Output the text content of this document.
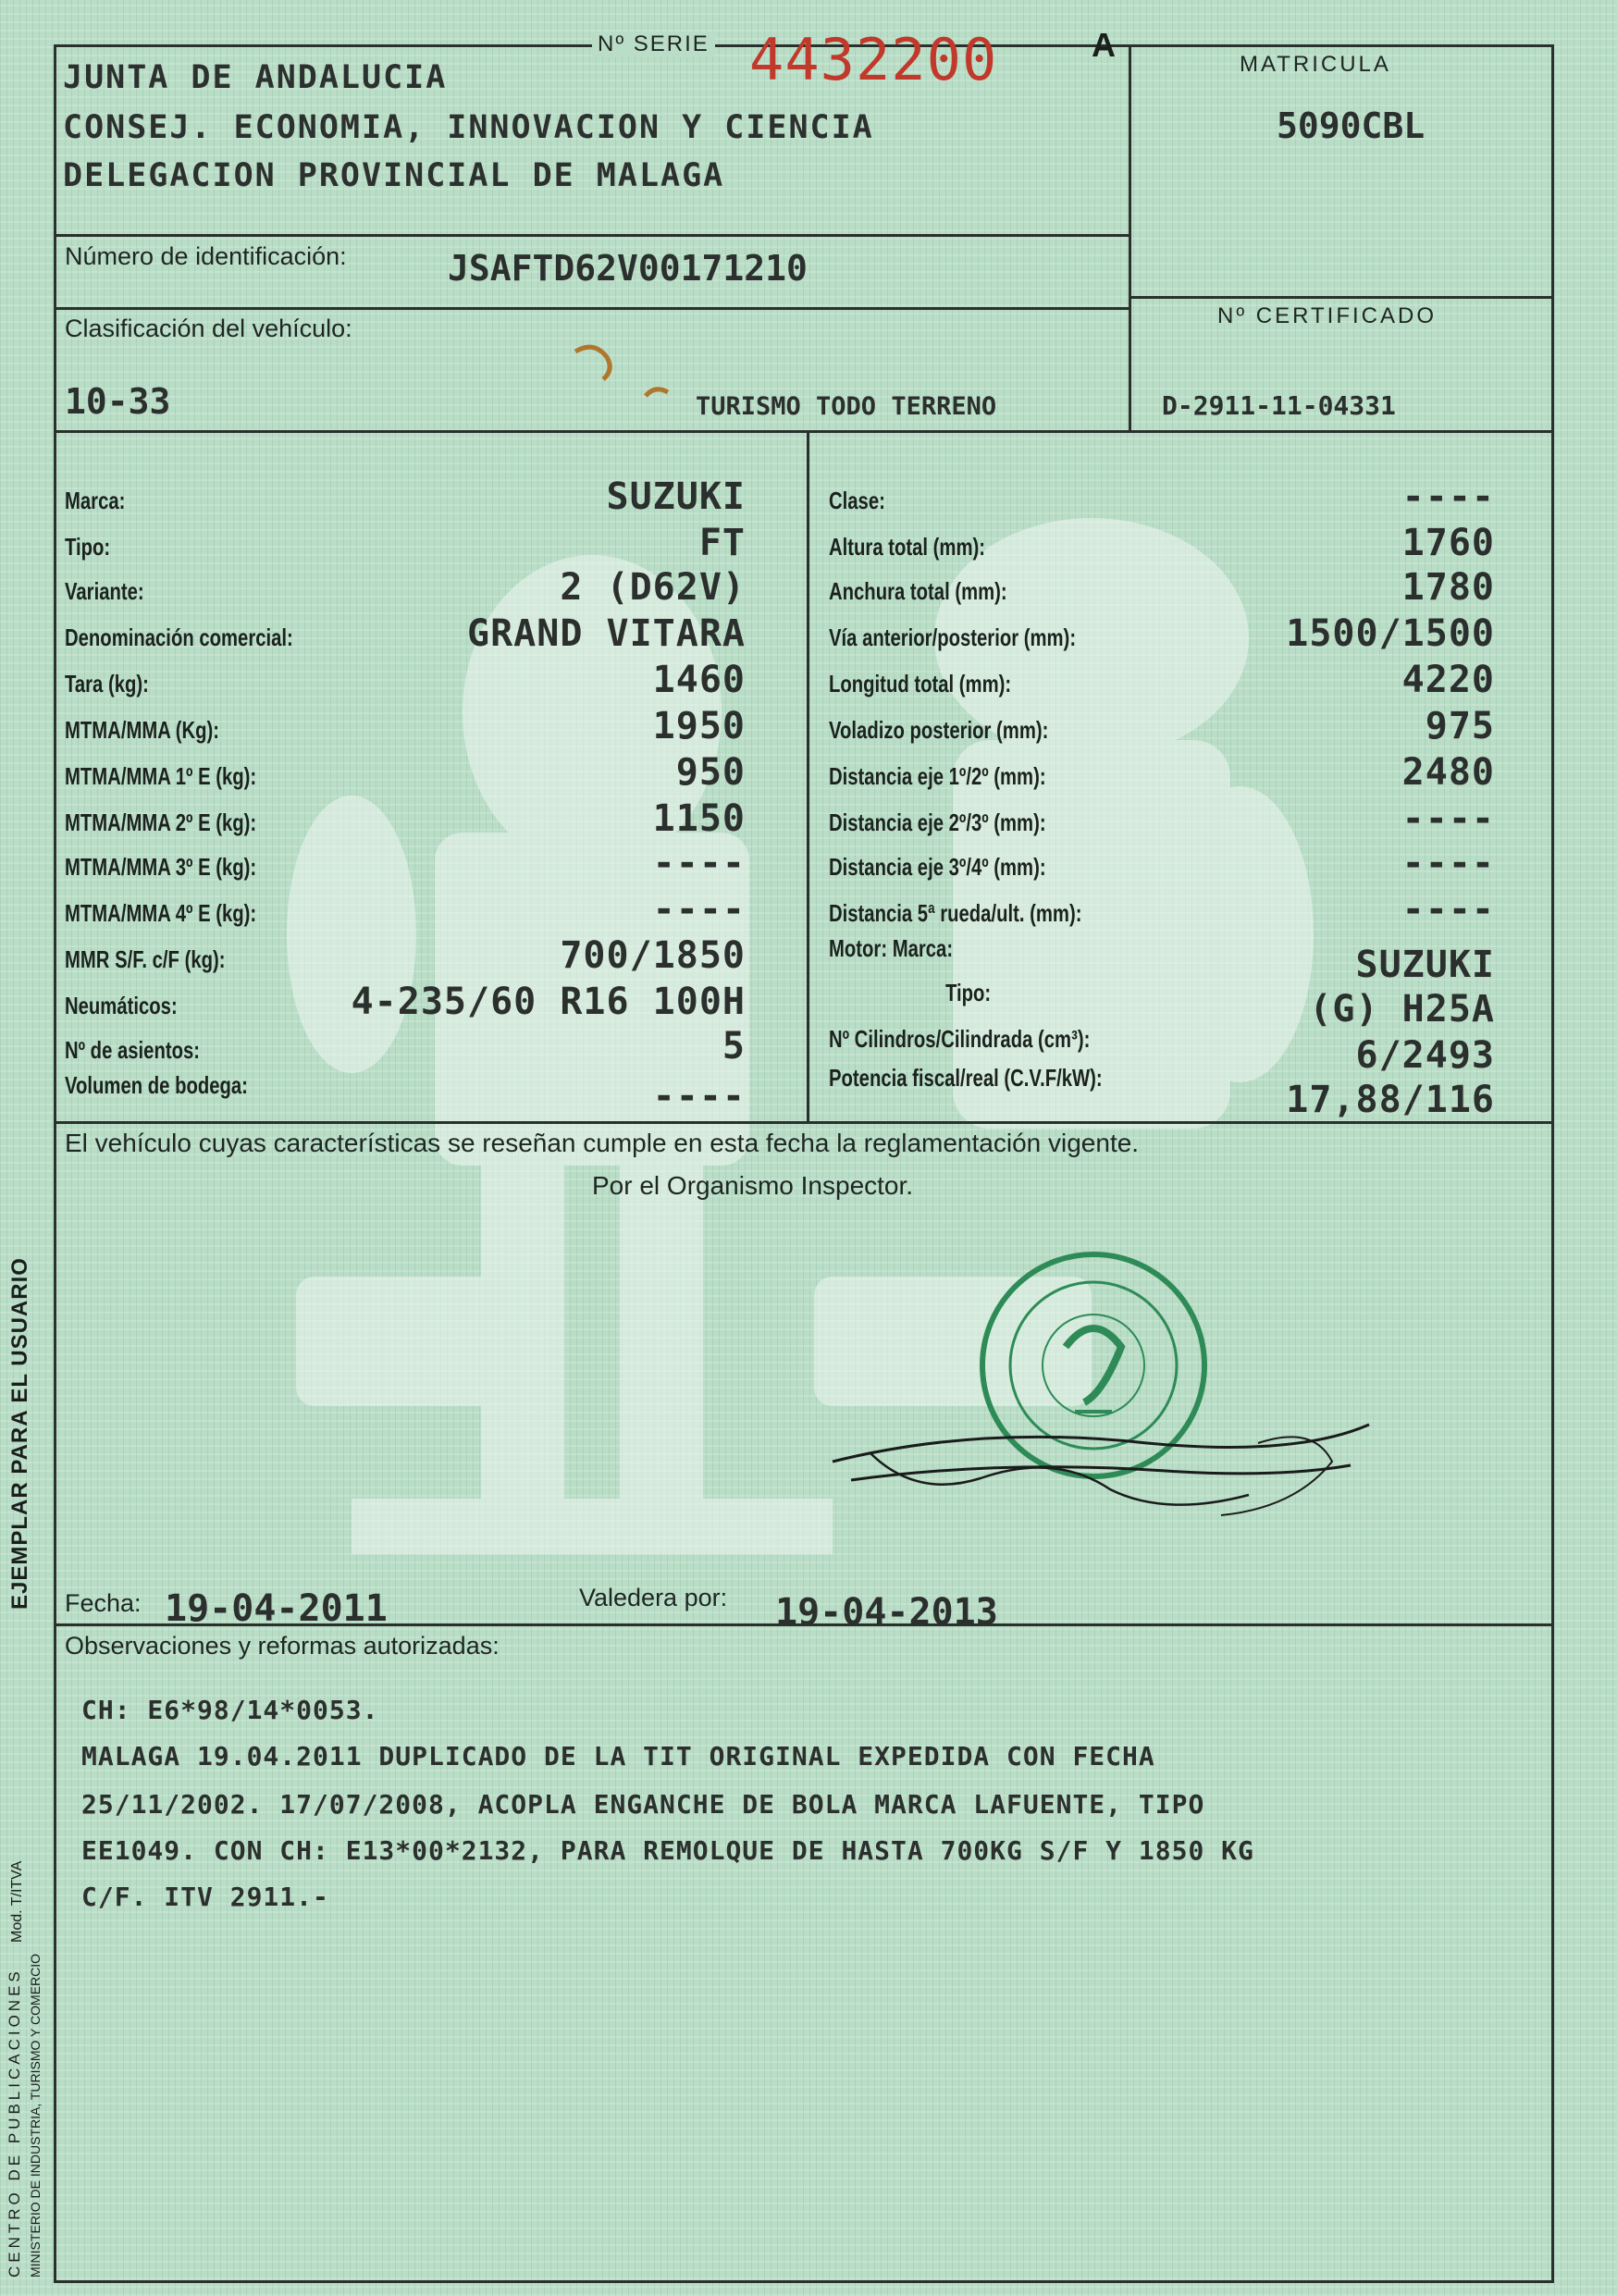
Nº SERIE 4432200	A
JUNTA DE ANDALUCIA
CONSEJ. ECONOMIA, INNOVACION Y CIENCIA
DELEGACION PROVINCIAL DE MALAGA
MATRICULA
5090CBL
Nº CERTIFICADO
D-2911-11-04331
Número de identificación:	JSAFTD62V00171210
Clasificación del vehículo:
10-33	TURISMO TODO TERRENO
Marca:	SUZUKI
Tipo:	FT
Variante:	2 (D62V)
Denominación comercial:	GRAND VITARA
Tara (kg):	1460
MTMA/MMA (Kg):	1950
MTMA/MMA 1º E (kg):	950
MTMA/MMA 2º E (kg):	1150
MTMA/MMA 3º E (kg):	----
MTMA/MMA 4º E (kg):	----
MMR S/F. c/F (kg):	700/1850
Neumáticos:	4-235/60 R16 100H
Nº de asientos:	5
Volumen de bodega:	----
Clase:	----
Altura total (mm):	1760
Anchura total (mm):	1780
Vía anterior/posterior (mm):	1500/1500
Longitud total (mm):	4220
Voladizo posterior (mm):	975
Distancia eje 1º/2º (mm):	2480
Distancia eje 2º/3º (mm):	----
Distancia eje 3º/4º (mm):	----
Distancia 5ª rueda/ult. (mm):	----
Motor: Marca:	SUZUKI
Tipo:	(G) H25A
Nº Cilindros/Cilindrada (cm³):	6/2493
Potencia fiscal/real (C.V.F/kW):
17,88/116
El vehículo cuyas características se reseñan cumple en esta fecha la reglamentación vigente.
Por el Organismo Inspector.
Fecha: 19-04-2011	Valedera por: 19-04-2013
Observaciones y reformas autorizadas:
CH: E6*98/14*0053.
MALAGA 19.04.2011 DUPLICADO DE LA TIT ORIGINAL EXPEDIDA CON FECHA
25/11/2002. 17/07/2008, ACOPLA ENGANCHE DE BOLA MARCA LAFUENTE, TIPO
EE1049. CON CH: E13*00*2132, PARA REMOLQUE DE HASTA 700KG S/F Y 1850 KG
C/F. ITV 2911.-
EJEMPLAR PARA EL USUARIO
Mod. T/ITVA
CENTRO DE PUBLICACIONES MINISTERIO DE INDUSTRIA, TURISMO Y COMERCIO
